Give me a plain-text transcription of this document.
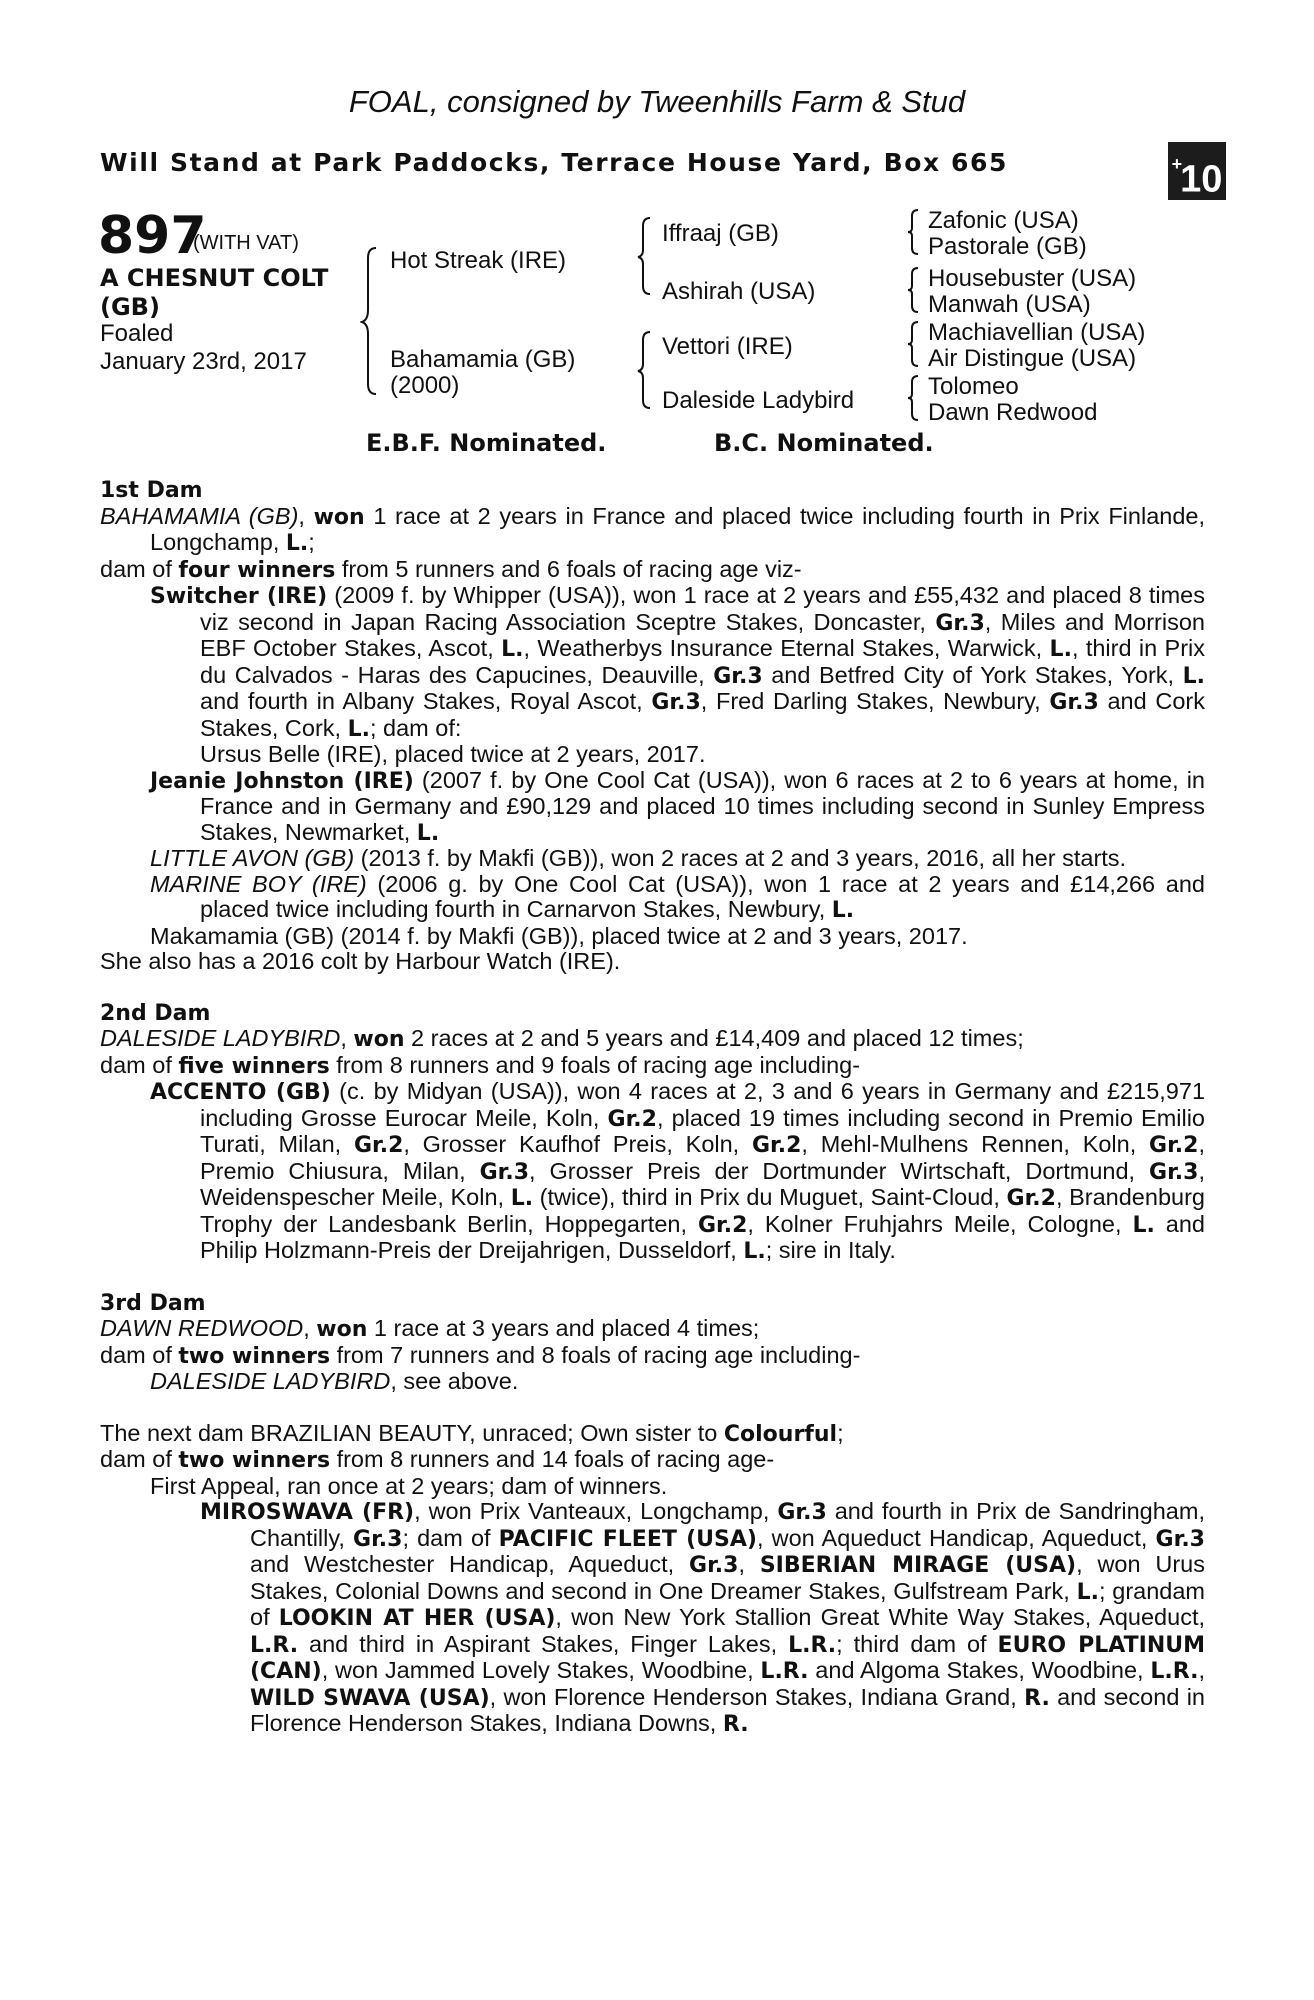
FOAL, consigned by Tweenhills Farm & Stud
Will Stand at Park Paddocks, Terrace House Yard, Box 665	+10
897
(WITH VAT)
A CHESNUT COLT (GB)
Foaled
January 23rd, 2017
Hot Streak (IRE)
Bahamamia (GB)
(2000)
Iffraaj (GB)
Ashirah (USA)
Vettori (IRE)
Daleside Ladybird
Zafonic (USA)
Pastorale (GB)
Housebuster (USA)
Manwah (USA)
Machiavellian (USA)
Air Distingue (USA)
Tolomeo
Dawn Redwood
E.B.F. Nominated.	B.C. Nominated.

1st Dam

BAHAMAMIA (GB), won 1 race at 2 years in France and placed twice including fourth in Prix Finlande, Longchamp, L.;

dam of four winners from 5 runners and 6 foals of racing age viz-

Switcher (IRE) (2009 f. by Whipper (USA)), won 1 race at 2 years and £55,432 and placed 8 times viz second in Japan Racing Association Sceptre Stakes, Doncaster, Gr.3, Miles and Morrison EBF October Stakes, Ascot, L., Weatherbys Insurance Eternal Stakes, Warwick, L., third in Prix du Calvados - Haras des Capucines, Deauville, Gr.3 and Betfred City of York Stakes, York, L. and fourth in Albany Stakes, Royal Ascot, Gr.3, Fred Darling Stakes, Newbury, Gr.3 and Cork Stakes, Cork, L.; dam of:

Ursus Belle (IRE), placed twice at 2 years, 2017.

Jeanie Johnston (IRE) (2007 f. by One Cool Cat (USA)), won 6 races at 2 to 6 years at home, in France and in Germany and £90,129 and placed 10 times including second in Sunley Empress Stakes, Newmarket, L.

LITTLE AVON (GB) (2013 f. by Makfi (GB)), won 2 races at 2 and 3 years, 2016, all her starts.

MARINE BOY (IRE) (2006 g. by One Cool Cat (USA)), won 1 race at 2 years and £14,266 and placed twice including fourth in Carnarvon Stakes, Newbury, L.

Makamamia (GB) (2014 f. by Makfi (GB)), placed twice at 2 and 3 years, 2017.

She also has a 2016 colt by Harbour Watch (IRE).

2nd Dam

DALESIDE LADYBIRD, won 2 races at 2 and 5 years and £14,409 and placed 12 times;

dam of five winners from 8 runners and 9 foals of racing age including-

ACCENTO (GB) (c. by Midyan (USA)), won 4 races at 2, 3 and 6 years in Germany and £215,971 including Grosse Eurocar Meile, Koln, Gr.2, placed 19 times including second in Premio Emilio Turati, Milan, Gr.2, Grosser Kaufhof Preis, Koln, Gr.2, Mehl-Mulhens Rennen, Koln, Gr.2, Premio Chiusura, Milan, Gr.3, Grosser Preis der Dortmunder Wirtschaft, Dortmund, Gr.3, Weidenspescher Meile, Koln, L. (twice), third in Prix du Muguet, Saint-Cloud, Gr.2, Brandenburg Trophy der Landesbank Berlin, Hoppegarten, Gr.2, Kolner Fruhjahrs Meile, Cologne, L. and Philip Holzmann-Preis der Dreijahrigen, Dusseldorf, L.; sire in Italy.

3rd Dam

DAWN REDWOOD, won 1 race at 3 years and placed 4 times;

dam of two winners from 7 runners and 8 foals of racing age including-

DALESIDE LADYBIRD, see above.

The next dam BRAZILIAN BEAUTY, unraced; Own sister to Colourful;

dam of two winners from 8 runners and 14 foals of racing age-

First Appeal, ran once at 2 years; dam of winners.

MIROSWAVA (FR), won Prix Vanteaux, Longchamp, Gr.3 and fourth in Prix de Sandringham, Chantilly, Gr.3; dam of PACIFIC FLEET (USA), won Aqueduct Handicap, Aqueduct, Gr.3 and Westchester Handicap, Aqueduct, Gr.3, SIBERIAN MIRAGE (USA), won Urus Stakes, Colonial Downs and second in One Dreamer Stakes, Gulfstream Park, L.; grandam of LOOKIN AT HER (USA), won New York Stallion Great White Way Stakes, Aqueduct, L.R. and third in Aspirant Stakes, Finger Lakes, L.R.; third dam of EURO PLATINUM (CAN), won Jammed Lovely Stakes, Woodbine, L.R. and Algoma Stakes, Woodbine, L.R., WILD SWAVA (USA), won Florence Henderson Stakes, Indiana Grand, R. and second in Florence Henderson Stakes, Indiana Downs, R.
